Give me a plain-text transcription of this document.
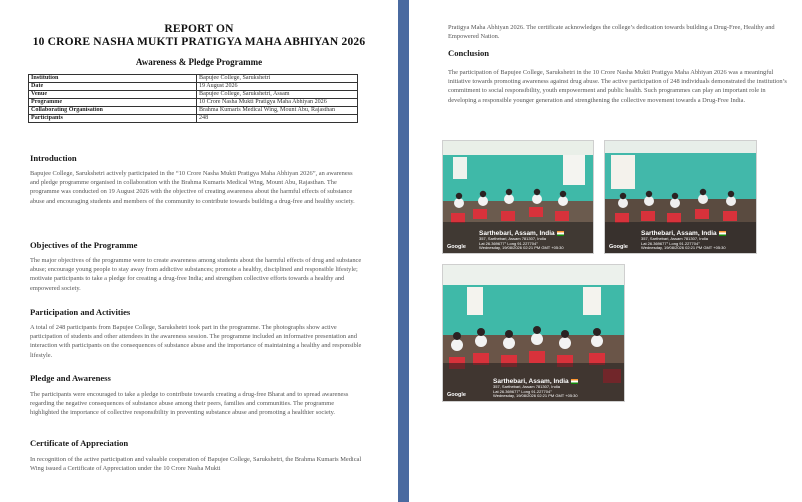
REPORT ON
10 CRORE NASHA MUKTI PRATIGYA MAHA ABHIYAN 2026
Awareness & Pledge Programme
Institution	Bapujee College, Sarukshetri
Date	19 August 2026
Venue	Bapujee College, Sarukshetri, Assam
Programme	10 Crore Nasha Mukti Pratigya Maha Abhiyan 2026
Collaborating Organisation	Brahma Kumaris Medical Wing, Mount Abu, Rajasthan
Participants	248
Introduction
Bapujee College, Sarukshetri actively participated in the “10 Crore Nasha Mukti Pratigya Maha Abhiyan 2026”, an awareness and pledge programme organised in collaboration with the Brahma Kumaris Medical Wing, Mount Abu, Rajasthan. The programme was conducted on 19 August 2026 with the objective of creating awareness about the harmful effects of substance abuse and encouraging students and members of the community to contribute towards building a drug-free and healthy society.
Objectives of the Programme
The major objectives of the programme were to create awareness among students about the harmful effects of drug and substance abuse; encourage young people to stay away from addictive substances; promote a healthy, disciplined and responsible lifestyle; motivate participants to take a pledge for creating a drug-free India; and strengthen collective efforts towards a healthy and empowered society.
Participation and Activities
A total of 248 participants from Bapujee College, Sarukshetri took part in the programme. The photographs show active participation of students and other attendees in the awareness session. The programme included an informative presentation and interaction with participants on the consequences of substance abuse and the importance of maintaining a healthy and responsible lifestyle.
Pledge and Awareness
The participants were encouraged to take a pledge to contribute towards creating a drug-free Bharat and to spread awareness regarding the negative consequences of substance abuse among their peers, families and communities. The programme highlighted the importance of collective responsibility in preventing substance abuse and promoting a healthier society.
Certificate of Appreciation
In recognition of the active participation and valuable cooperation of Bapujee College, Sarukshetri, the Brahma Kumaris Medical Wing issued a Certificate of Appreciation under the 10 Crore Nasha Mukti
Pratigya Maha Abhiyan 2026. The certificate acknowledges the college’s dedication towards building a Drug-Free, Healthy and Empowered Nation.
Conclusion
The participation of Bapujee College, Sarukshetri in the 10 Crore Nasha Mukti Pratigya Maha Abhiyan 2026 was a meaningful initiative towards promoting awareness against drug abuse. The active participation of 248 individuals demonstrated the institution’s commitment to social responsibility, youth empowerment and public health. Such programmes can play an important role in developing a responsible younger generation and strengthening the collective movement towards a Drug-Free India.
Google
Sarthebari, Assam, India
357, Sarthebari, Assam 781307, India
Lat 26.369677° Long 91.227704°
Wednesday, 19/08/2026 02:21 PM GMT +05:30	Google
Sarthebari, Assam, India
357, Sarthebari, Assam 781307, India
Lat 26.369677° Long 91.227704°
Wednesday, 19/08/2026 02:21 PM GMT +05:30
Google
Sarthebari, Assam, India
357, Sarthebari, Assam 781307, India
Lat 26.369677° Long 91.227704°
Wednesday, 19/08/2026 02:21 PM GMT +05:30
